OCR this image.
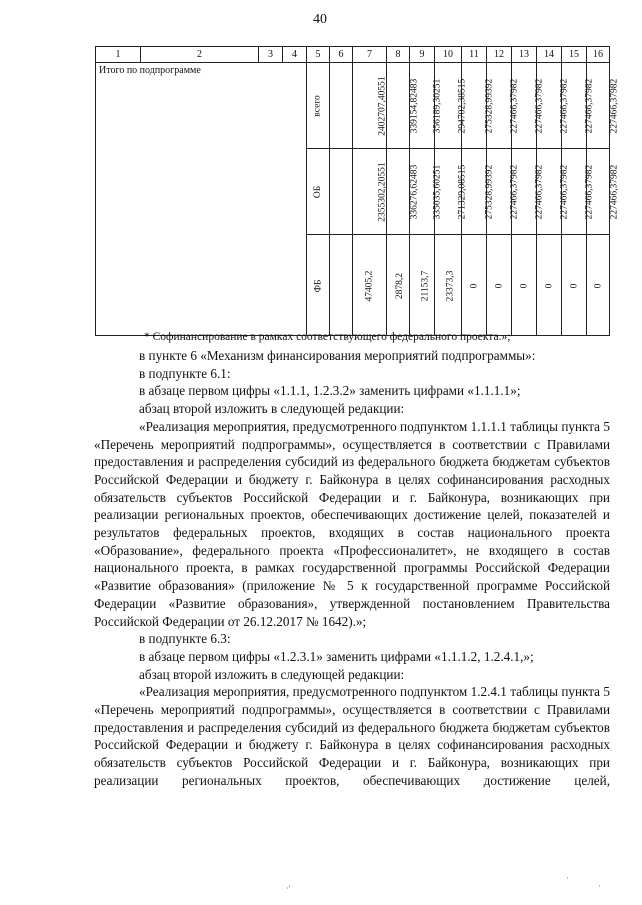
40
1	2	3	4	5	6	7	8	9	10	11	12	13	14	15	16
Итого по подпрограмме				всего		2402707,40551	339154,82483	356189,30251	294702,38515	275328,99392	227466,37982	227466,37982	227466,37982	227466,37982	227466,37982
				ОБ		2355302,20551	336276,62483	335035,60251	271329,08515	275328,99392	227466,37982	227466,37982	227466,37982	227466,37982	227466,37982
				ФБ		47405,2	2878,2	21153,7	23373,3	0	0	0	0	0	0

* Софинансирование в рамках соответствующего федерального проекта.»;

в пункте 6 «Механизм финансирования мероприятий подпрограммы»:

в подпункте 6.1:

в абзаце первом цифры «1.1.1, 1.2.3.2» заменить цифрами «1.1.1.1»;

абзац второй изложить в следующей редакции:

«Реализация мероприятия, предусмотренного подпунктом 1.1.1.1 таблицы пункта 5 «Перечень мероприятий подпрограммы», осуществляется в соответствии с Правилами предоставления и распределения субсидий из федерального бюджета бюджетам субъектов Российской Федерации и бюджету г. Байконура в целях софинансирования расходных обязательств субъектов Российской Федерации и г. Байконура, возникающих при реализации региональных проектов, обеспечивающих достижение целей, показателей и результатов федеральных проектов, входящих в состав национального проекта «Образование», федерального проекта «Профессионалитет», не входящего в состав национального проекта, в рамках государственной программы Российской Федерации «Развитие образования» (приложение № 5 к государственной программе Российской Федерации «Развитие образования», утвержденной постановлением Правительства Российской Федерации от 26.12.2017 № 1642).»;

в подпункте 6.3:

в абзаце первом цифры «1.2.3.1» заменить цифрами «1.1.1.2, 1.2.4.1,»;

абзац второй изложить в следующей редакции:

«Реализация мероприятия, предусмотренного подпунктом 1.2.4.1 таблицы пункта 5 «Перечень мероприятий подпрограммы», осуществляется в соответствии с Правилами предоставления и распределения субсидий из федерального бюджета бюджетам субъектов Российской Федерации и бюджету г. Байконура в целях софинансирования расходных обязательств субъектов Российской Федерации и г. Байконура, возникающих при реализации региональных проектов, обеспечивающих достижение целей,

·'
·
·
